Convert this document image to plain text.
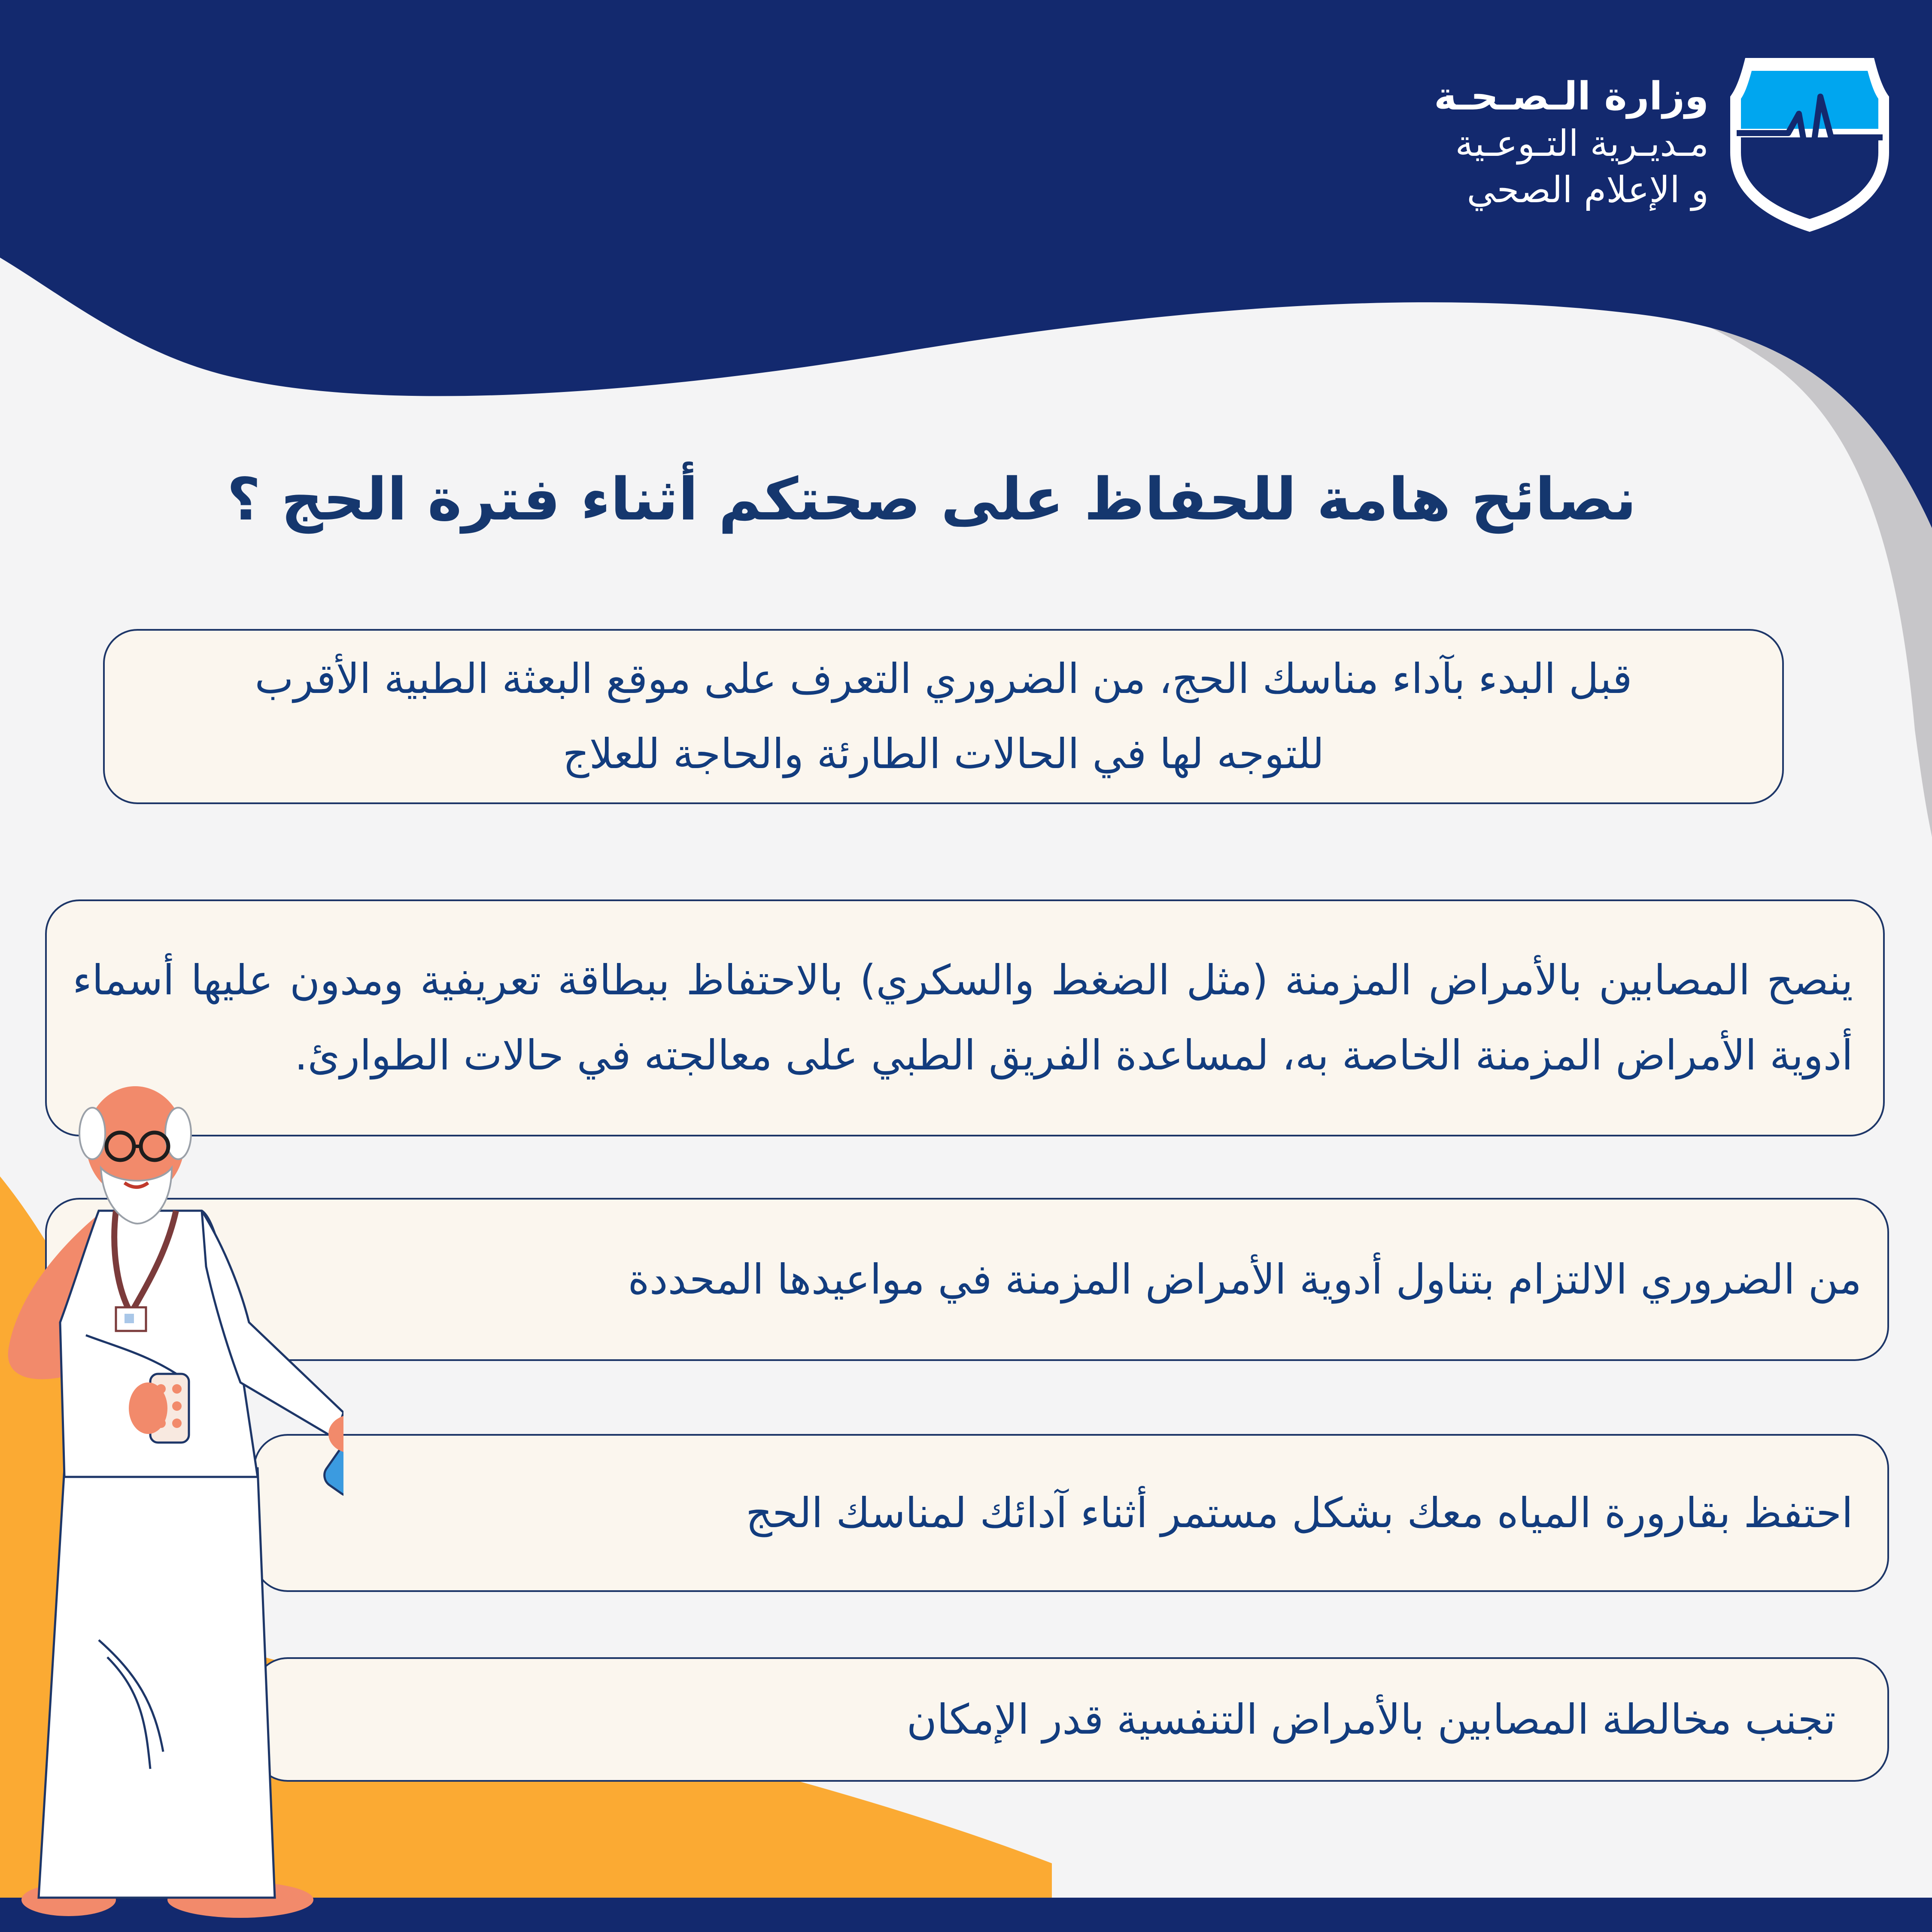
وزارة الـصـحـة
مـديـرية التـوعـية
و الإعلام الصحي
نصائح هامة للحفاظ على صحتكم أثناء فترة الحج ؟

قبل البدء بآداء مناسك الحج، من الضروري التعرف على موقع البعثة الطبية الأقرب للتوجه لها في الحالات الطارئة والحاجة للعلاج

ينصح المصابين بالأمراض المزمنة (مثل الضغط والسكري) بالاحتفاظ ببطاقة تعريفية ومدون عليها أسماء أدوية الأمراض المزمنة الخاصة به، لمساعدة الفريق الطبي على معالجته في حالات الطوارئ.

من الضروري الالتزام بتناول أدوية الأمراض المزمنة في مواعيدها المحددة

احتفظ بقارورة المياه معك بشكل مستمر أثناء آدائك لمناسك الحج

تجنب مخالطة المصابين بالأمراض التنفسية قدر الإمكان
